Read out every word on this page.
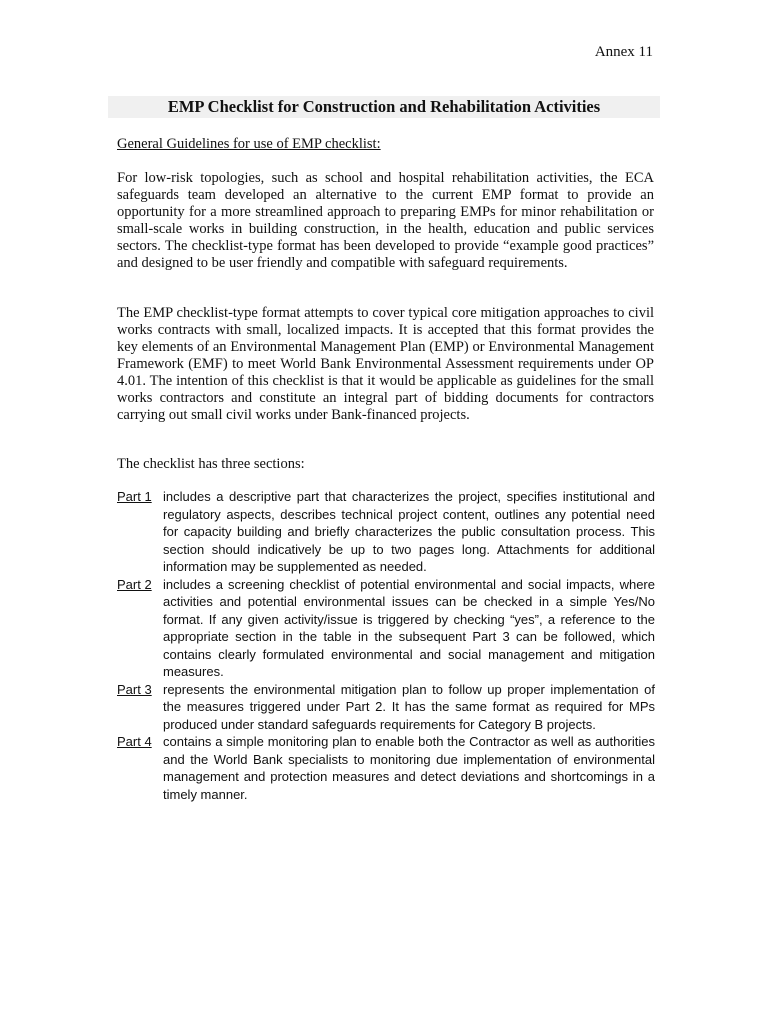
Annex 11
EMP Checklist for Construction and Rehabilitation Activities
General Guidelines for use of EMP checklist:

For low-risk topologies, such as school and hospital rehabilitation activities, the ECA safeguards team developed an alternative to the current EMP format to provide an opportunity for a more streamlined approach to preparing EMPs for minor rehabilitation or small-scale works in building construction, in the health, education and public services sectors. The checklist-type format has been developed to provide “example good practices” and designed to be user friendly and compatible with safeguard requirements.

The EMP checklist-type format attempts to cover typical core mitigation approaches to civil works contracts with small, localized impacts. It is accepted that this format provides the key elements of an Environmental Management Plan (EMP) or Environmental Management Framework (EMF) to meet World Bank Environmental Assessment requirements under OP 4.01. The intention of this checklist is that it would be applicable as guidelines for the small works contractors and constitute an integral part of bidding documents for contractors carrying out small civil works under Bank-financed projects.

The checklist has three sections:

Part 1 includes a descriptive part that characterizes the project, specifies institutional and regulatory aspects, describes technical project content, outlines any potential need for capacity building and briefly characterizes the public consultation process. This section should indicatively be up to two pages long. Attachments for additional information may be supplemented as needed.
Part 2 includes a screening checklist of potential environmental and social impacts, where activities and potential environmental issues can be checked in a simple Yes/No format. If any given activity/issue is triggered by checking “yes”, a reference to the appropriate section in the table in the subsequent Part 3 can be followed, which contains clearly formulated environmental and social management and mitigation measures.
Part 3 represents the environmental mitigation plan to follow up proper implementation of the measures triggered under Part 2. It has the same format as required for MPs produced under standard safeguards requirements for Category B projects.
Part 4 contains a simple monitoring plan to enable both the Contractor as well as authorities and the World Bank specialists to monitoring due implementation of environmental management and protection measures and detect deviations and shortcomings in a timely manner.
